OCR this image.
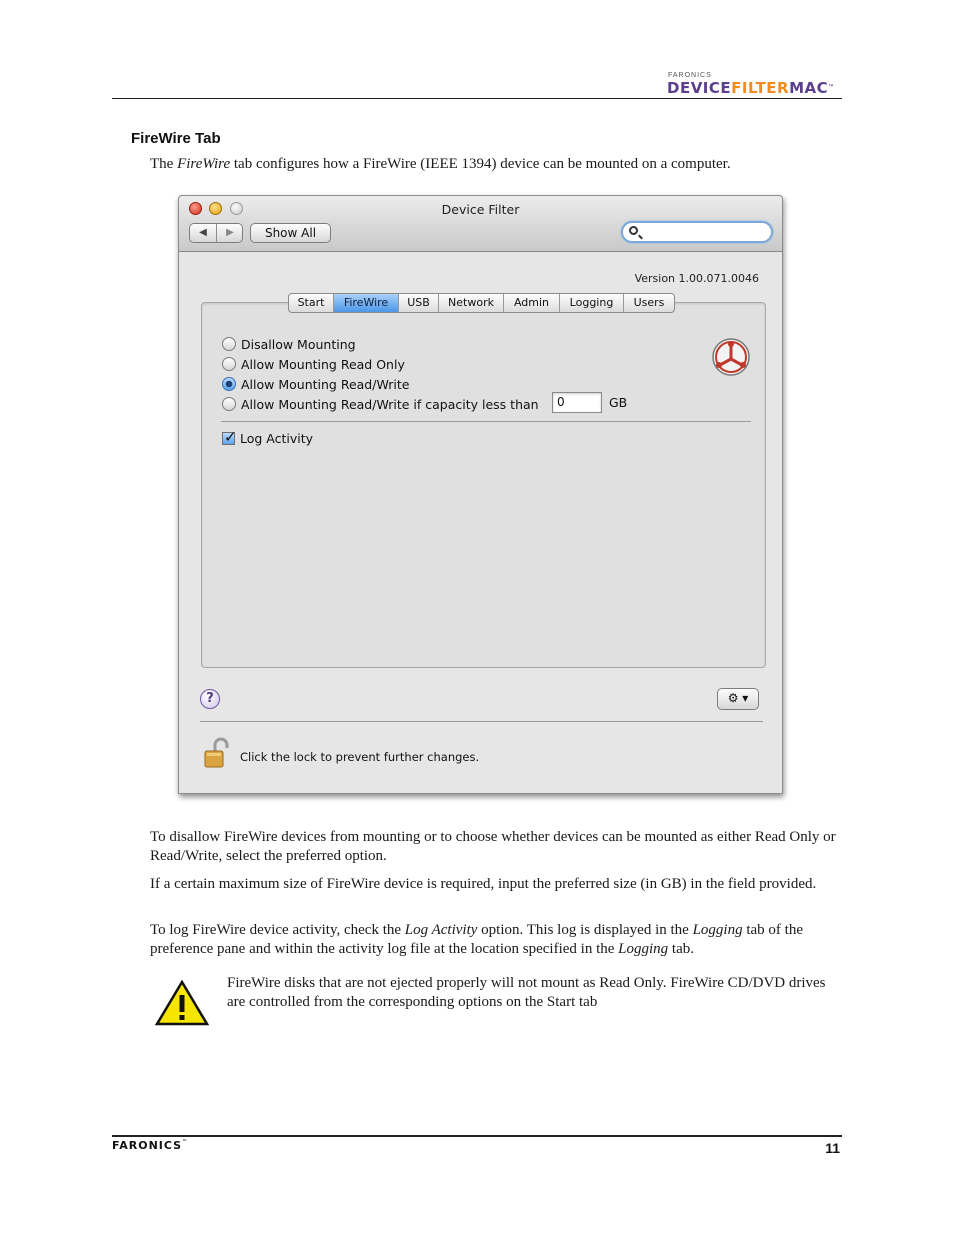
FARONICS
DEVICEFILTERMAC™
FireWire Tab
The FireWire tab configures how a FireWire (IEEE 1394) device can be mounted on a computer.
Device Filter
◀	▶	Show All
Version 1.00.071.0046
Start	FireWire	USB	Network	Admin	Logging	Users
Disallow Mounting
Allow Mounting Read Only
Allow Mounting Read/Write
Allow Mounting Read/Write if capacity less than	0	GB
✓ Log Activity
?	⚙ ▾
Click the lock to prevent further changes.
To disallow FireWire devices from mounting or to choose whether devices can be mounted as either Read Only or Read/Write, select the preferred option.
If a certain maximum size of FireWire device is required, input the preferred size (in GB) in the field provided.
To log FireWire device activity, check the Log Activity option. This log is displayed in the Logging tab of the preference pane and within the activity log file at the location specified in the Logging tab.
FireWire disks that are not ejected properly will not mount as Read Only. FireWire CD/DVD drives are controlled from the corresponding options on the Start tab
FARONICS™	11
